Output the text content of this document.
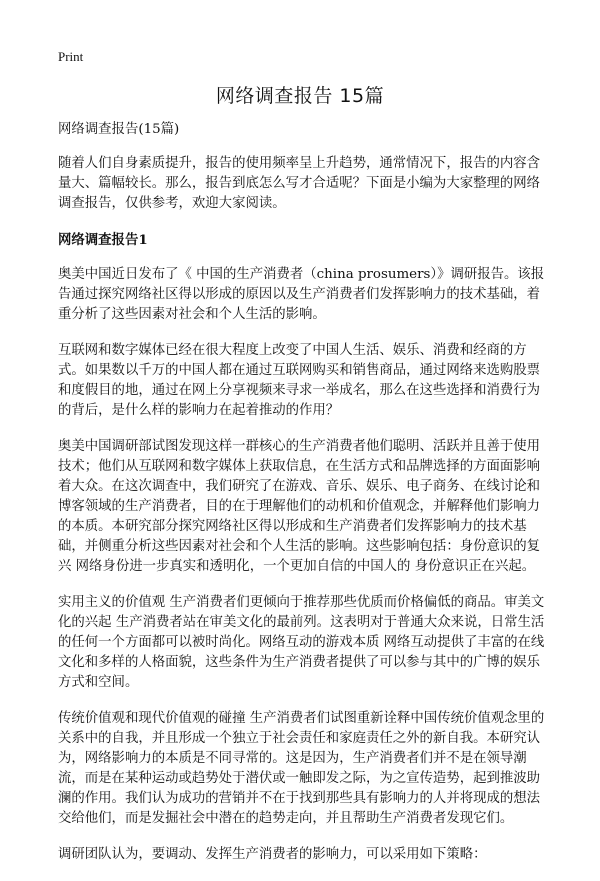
Print
网络调查报告 15篇

网络调查报告(15篇)

随着人们自身素质提升，报告的使用频率呈上升趋势，通常情况下，报告的内容含量大、篇幅较长。那么，报告到底怎么写才合适呢？下面是小编为大家整理的网络调查报告，仅供参考，欢迎大家阅读。

网络调查报告1

奥美中国近日发布了《 中国的生产消费者（china prosumers）》调研报告。该报告通过探究网络社区得以形成的原因以及生产消费者们发挥影响力的技术基础，着重分析了这些因素对社会和个人生活的影响。

互联网和数字媒体已经在很大程度上改变了中国人生活、娱乐、消费和经商的方式。如果数以千万的中国人都在通过互联网购买和销售商品，通过网络来选购股票和度假目的地，通过在网上分享视频来寻求一举成名，那么在这些选择和消费行为的背后，是什么样的影响力在起着推动的作用？

奥美中国调研部试图发现这样一群核心的生产消费者他们聪明、活跃并且善于使用技术；他们从互联网和数字媒体上获取信息，在生活方式和品牌选择的方面面影响着大众。在这次调查中，我们研究了在游戏、音乐、娱乐、电子商务、在线讨论和博客领域的生产消费者，目的在于理解他们的动机和价值观念，并解释他们影响力的本质。本研究部分探究网络社区得以形成和生产消费者们发挥影响力的技术基础，并侧重分析这些因素对社会和个人生活的影响。这些影响包括：身份意识的复兴 网络身份进一步真实和透明化，一个更加自信的中国人的 身份意识正在兴起。

实用主义的价值观 生产消费者们更倾向于推荐那些优质而价格偏低的商品。审美文化的兴起 生产消费者站在审美文化的最前列。这表明对于普通大众来说，日常生活的任何一个方面都可以被时尚化。网络互动的游戏本质 网络互动提供了丰富的在线文化和多样的人格面貌，这些条件为生产消费者提供了可以参与其中的广博的娱乐方式和空间。

传统价值观和现代价值观的碰撞 生产消费者们试图重新诠释中国传统价值观念里的关系中的自我，并且形成一个独立于社会责任和家庭责任之外的新自我。本研究认为，网络影响力的本质是不同寻常的。这是因为，生产消费者们并不是在领导潮流，而是在某种运动或趋势处于潜伏或一触即发之际，为之宣传造势，起到推波助澜的作用。我们认为成功的营销并不在于找到那些具有影响力的人并将现成的想法交给他们，而是发掘社会中潜在的趋势走向，并且帮助生产消费者发现它们。

调研团队认为，要调动、发挥生产消费者的影响力，可以采用如下策略：
